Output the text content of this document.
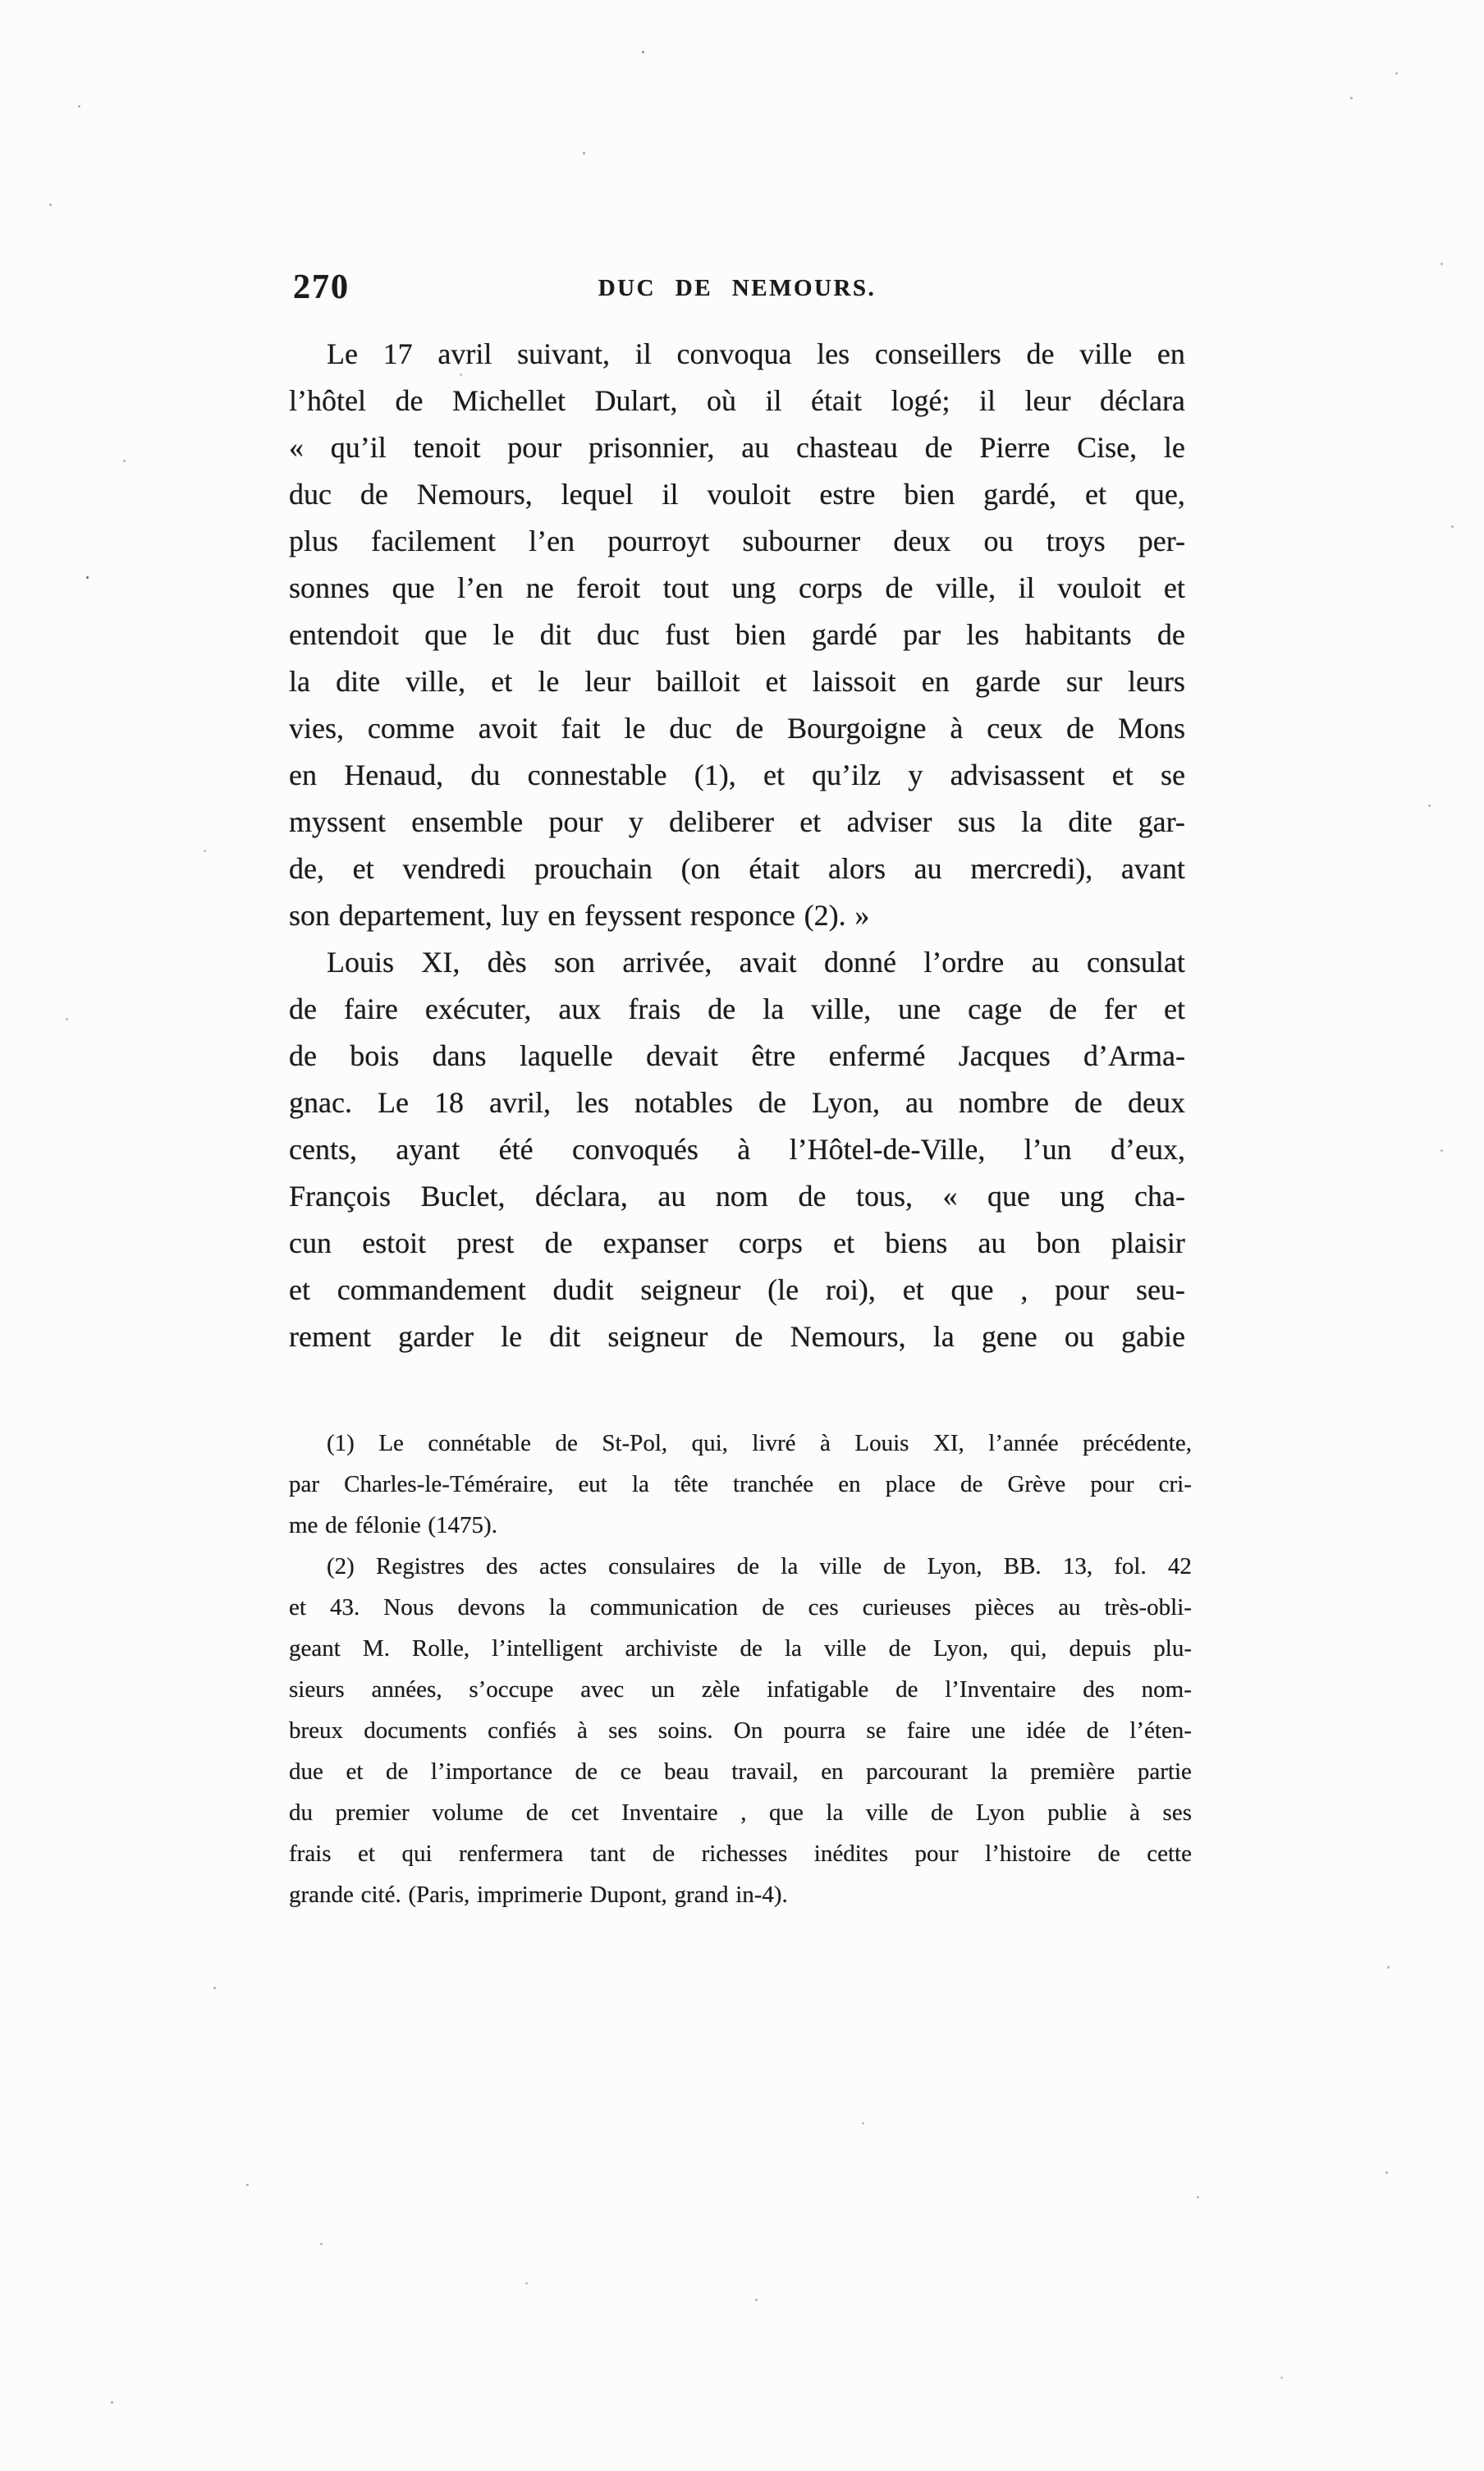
270	DUC DE NEMOURS.
Le 17 avril suivant, il convoqua les conseillers de ville en
l’hôtel de Michellet Dulart, où il était logé; il leur déclara
« qu’il tenoit pour prisonnier, au chasteau de Pierre Cise, le
duc de Nemours, lequel il vouloit estre bien gardé, et que,
plus facilement l’en pourroyt subourner deux ou troys per-
sonnes que l’en ne feroit tout ung corps de ville, il vouloit et
entendoit que le dit duc fust bien gardé par les habitants de
la dite ville, et le leur bailloit et laissoit en garde sur leurs
vies, comme avoit fait le duc de Bourgoigne à ceux de Mons
en Henaud, du connestable (1), et qu’ilz y advisassent et se
myssent ensemble pour y deliberer et adviser sus la dite gar-
de, et vendredi prouchain (on était alors au mercredi), avant
son departement, luy en feyssent responce (2). »
Louis XI, dès son arrivée, avait donné l’ordre au consulat
de faire exécuter, aux frais de la ville, une cage de fer et
de bois dans laquelle devait être enfermé Jacques d’Arma-
gnac. Le 18 avril, les notables de Lyon, au nombre de deux
cents, ayant été convoqués à l’Hôtel-de-Ville, l’un d’eux,
François Buclet, déclara, au nom de tous, « que ung cha-
cun estoit prest de expanser corps et biens au bon plaisir
et commandement dudit seigneur (le roi), et que , pour seu-
rement garder le dit seigneur de Nemours, la gene ou gabie
(1) Le connétable de St-Pol, qui, livré à Louis XI, l’année précédente,
par Charles-le-Téméraire, eut la tête tranchée en place de Grève pour cri-
me de félonie (1475).
(2) Registres des actes consulaires de la ville de Lyon, BB. 13, fol. 42
et 43. Nous devons la communication de ces curieuses pièces au très-obli-
geant M. Rolle, l’intelligent archiviste de la ville de Lyon, qui, depuis plu-
sieurs années, s’occupe avec un zèle infatigable de l’Inventaire des nom-
breux documents confiés à ses soins. On pourra se faire une idée de l’éten-
due et de l’importance de ce beau travail, en parcourant la première partie
du premier volume de cet Inventaire , que la ville de Lyon publie à ses
frais et qui renfermera tant de richesses inédites pour l’histoire de cette
grande cité. (Paris, imprimerie Dupont, grand in-4).
